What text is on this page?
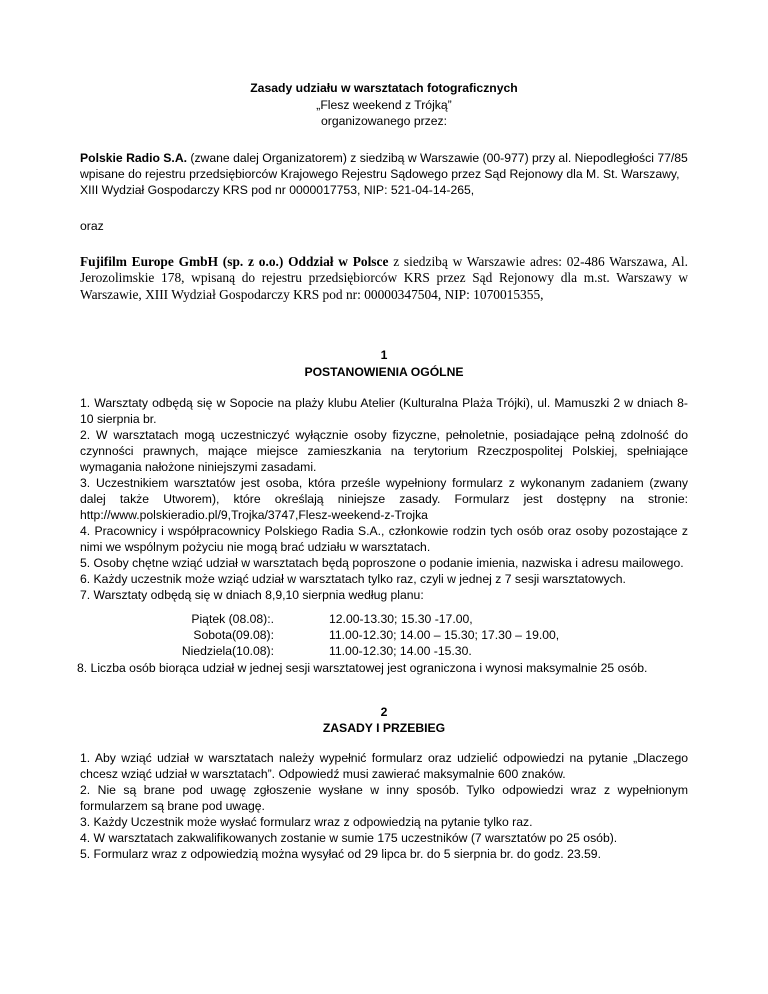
Zasady udziału w warsztatach fotograficznych
„Flesz weekend z Trójką”
organizowanego przez:
Polskie Radio S.A. (zwane dalej Organizatorem) z siedzibą w Warszawie (00-977) przy al. Niepodległości 77/85 wpisane do rejestru przedsiębiorców Krajowego Rejestru Sądowego przez Sąd Rejonowy dla M. St. Warszawy, XIII Wydział Gospodarczy KRS pod nr 0000017753, NIP: 521-04-14-265,
oraz
Fujifilm Europe GmbH (sp. z o.o.) Oddział w Polsce z siedzibą w Warszawie adres: 02-486 Warszawa, Al. Jerozolimskie 178, wpisaną do rejestru przedsiębiorców KRS przez Sąd Rejonowy dla m.st. Warszawy w Warszawie, XIII Wydział Gospodarczy KRS pod nr: 00000347504, NIP: 1070015355,
1
POSTANOWIENIA OGÓLNE

1. Warsztaty odbędą się w Sopocie na plaży klubu Atelier (Kulturalna Plaża Trójki), ul. Mamuszki 2 w dniach 8-10 sierpnia br.

2. W warsztatach mogą uczestniczyć wyłącznie osoby fizyczne, pełnoletnie, posiadające pełną zdolność do czynności prawnych, mające miejsce zamieszkania na terytorium Rzeczpospolitej Polskiej, spełniające wymagania nałożone niniejszymi zasadami.

3. Uczestnikiem warsztatów jest osoba, która prześle wypełniony formularz z wykonanym zadaniem (zwany dalej także Utworem), które określają niniejsze zasady. Formularz jest dostępny na stronie: http://www.polskieradio.pl/9,Trojka/3747,Flesz-weekend-z-Trojka

4. Pracownicy i współpracownicy Polskiego Radia S.A., członkowie rodzin tych osób oraz osoby pozostające z nimi we wspólnym pożyciu nie mogą brać udziału w warsztatach.

5. Osoby chętne wziąć udział w warsztatach będą poproszone o podanie imienia, nazwiska i adresu mailowego.

6. Każdy uczestnik może wziąć udział w warsztatach tylko raz, czyli w jednej z 7 sesji warsztatowych.

7. Warsztaty odbędą się w dniach 8,9,10 sierpnia według planu:

Piątek (08.08):.	12.00-13.30; 15.30 -17.00,
Sobota(09.08):	11.00-12.30; 14.00 – 15.30; 17.30 – 19.00,
Niedziela(10.08):	11.00-12.30; 14.00 -15.30.

8. Liczba osób biorąca udział w jednej sesji warsztatowej jest ograniczona i wynosi maksymalnie 25 osób.

2
ZASADY I PRZEBIEG

1. Aby wziąć udział w warsztatach należy wypełnić formularz oraz udzielić odpowiedzi na pytanie „Dlaczego chcesz wziąć udział w warsztatach”. Odpowiedź musi zawierać maksymalnie 600 znaków.

2. Nie są brane pod uwagę zgłoszenie wysłane w inny sposób. Tylko odpowiedzi wraz z wypełnionym formularzem są brane pod uwagę.

3. Każdy Uczestnik może wysłać formularz wraz z odpowiedzią na pytanie tylko raz.

4. W warsztatach zakwalifikowanych zostanie w sumie 175 uczestników (7 warsztatów po 25 osób).

5. Formularz wraz z odpowiedzią można wysyłać od 29 lipca br. do 5 sierpnia br. do godz. 23.59.
